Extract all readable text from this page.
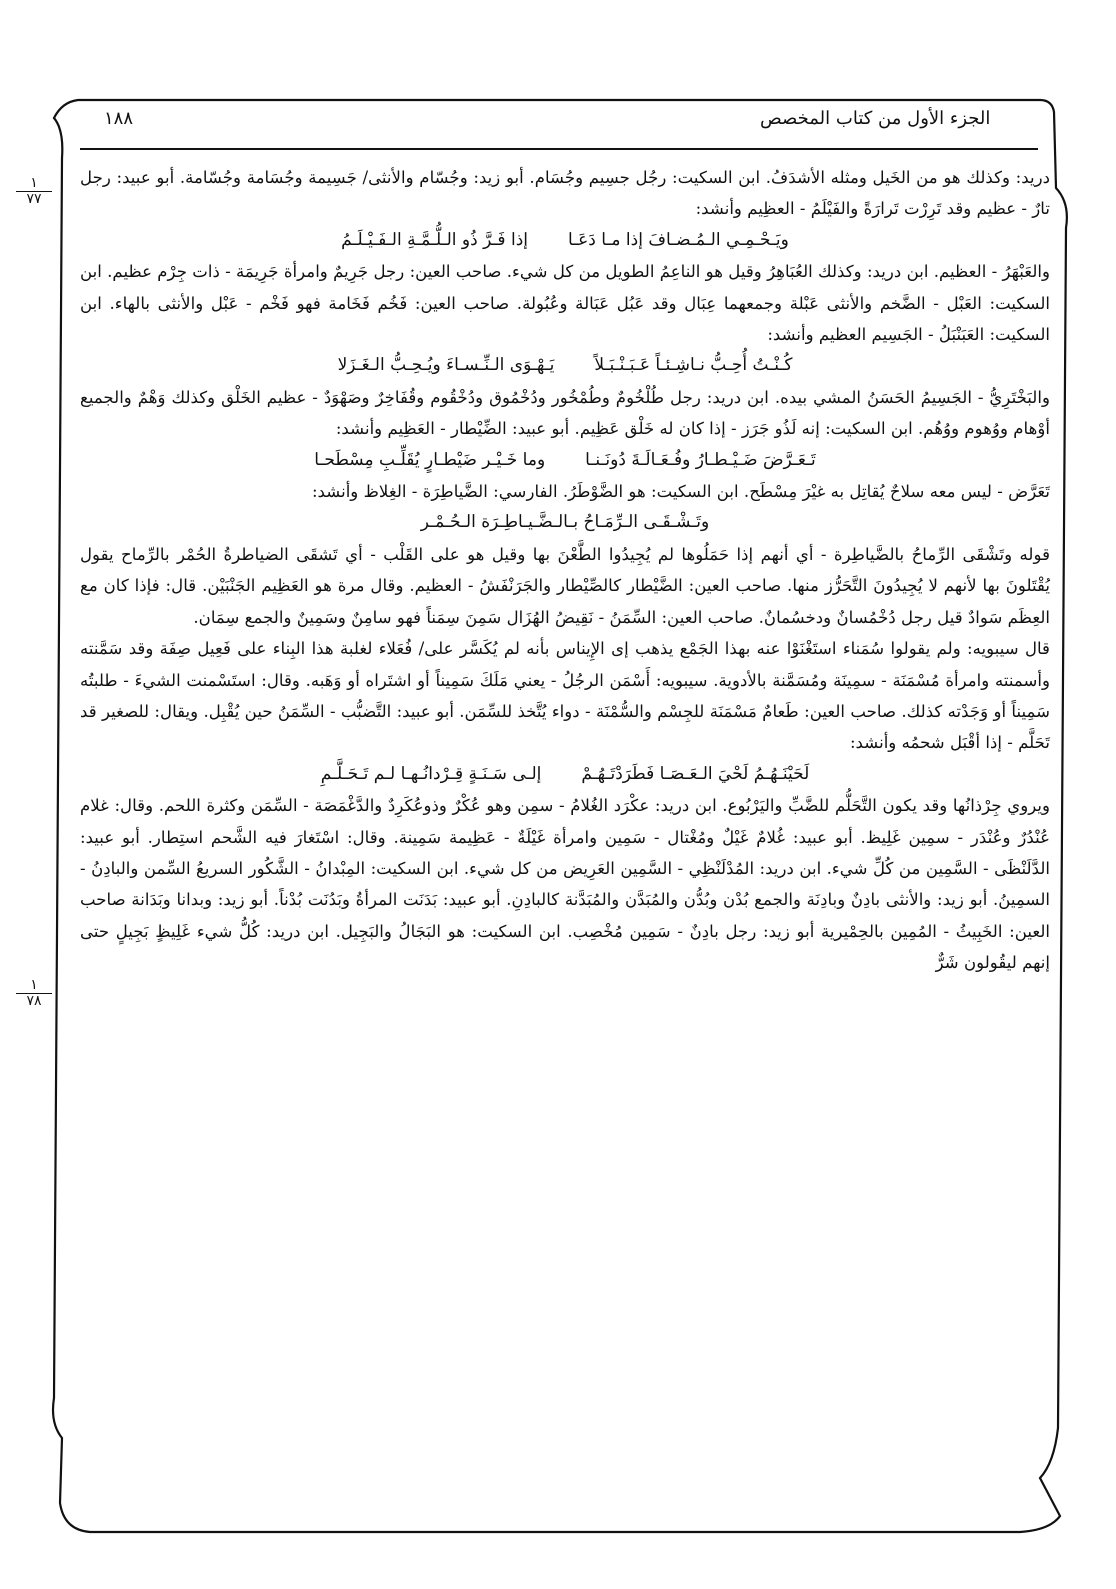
الجزء الأول من كتاب المخصص
١٨٨
١
٧٧
١
٧٨

دريد: وكذلك هو من الخَيل ومثله الأشدَفُ. ابن السكيت: رجُل جسِيم وجُسَام. أبو زيد: وجُسّام والأنثى/ جَسِيمة وجُسَامة وجُسّامة. أبو عبيد: رجل تارٌ - عظيم وقد تَرِرْت تَرارَةً والفَيْلَمُ - العظِيم وأنشد:

ويَـحْـمِـي الـمُـضـافَ إذا مـا دَعَـاإذا فَـرَّ ذُو الـلُّـمَّـةِ الـفَـيْـلَـمُ

والعَبْهَرُ - العظيم. ابن دريد: وكذلك العُبَاهِرُ وقيل هو الناعِمُ الطويل من كل شيء. صاحب العين: رجل جَرِيمٌ وامرأة جَرِيمَة - ذات جِرْم عظيم. ابن السكيت: العَبْل - الضَّخم والأنثى عَبْلة وجمعهما عِبَال وقد عَبُل عَبَالة وعُبُولة. صاحب العين: فَخُم فَخَامة فهو فَخْم - عَبْل والأنثى بالهاء. ابن السكيت: العَبَنْبَلُ - الجَسِيم العظيم وأنشد:

كُـنْـتُ أُحِـبُّ نـاشِـئـاً عَـبَـنْـبَـلاًيَـهْـوَى الـنِّـسـاءَ ويُـحِـبُّ الـغَـزَلا

والبَخْتَرِيُّ - الجَسِيمُ الحَسَنُ المشي بيده. ابن دريد: رجل طُلْخُومٌ وطُمْخُور ودُخْمُوق ودُخْقُوم وقُفَاخِرٌ وصَهْوَدٌ - عظيم الخَلْق وكذلك وَهْمٌ والجميع أوْهام ووُهوم ووُهُم. ابن السكيت: إنه لَذُو جَرَز - إذا كان له خَلْق عَظِيم. أبو عبيد: الضِّيْطار - العَظِيم وأنشد:

تَـعَـرَّضَ ضَـيْـطـارُ وفُـعَـالَـةَ دُونَـنـاوما خَـيْـر ضَيْطـارٍ يُقَلِّـبِ مِسْطَحـا

تَعَرَّض - ليس معه سلاحٌ يُقاتِل به غيْرَ مِسْطَح. ابن السكيت: هو الضَّوْطَرُ. الفارسي: الضَّياطِرَة - الغِلاظ وأنشد:

وتَـشْـقَـى الـرِّمَـاحُ بـالـضَّـيـاطِـرَة الـحُـمْـر

قوله وتَشْقَى الرِّماحُ بالضَّياطِرة - أي أنهم إذا حَمَلُوها لم يُجِيدُوا الطَّعْنَ بها وقيل هو على القَلْب - أي تَشقَى الضياطرةُ الحُمْر بالرِّماح يقول يُقْتَلونَ بها لأنهم لا يُجِيدُونَ التَّحَرُّز منها. صاحب العين: الضَّيْطار كالصِّيْطار والجَرَنْفَشُ - العظيم. وقال مرة هو العَظِيم الجَنْبَيْن. قال: فإذا كان مع العِظَم سَوادٌ قيل رجل دُخْمُسانٌ ودخسُمانٌ. صاحب العين: السِّمَنُ - نَقِيضُ الهُزَال سَمِنَ سِمَناً فهو سامِنٌ وسَمِينٌ والجمع سِمَان.

قال سيبويه: ولم يقولوا سُمَناء استَغْنَوْا عنه بهذا الجَمْع يذهب إى الإِيناس بأنه لم يُكَسَّر على/ فُعَلاء لغلبة هذا البِناء على فَعِيل صِفَة وقد سَمَّنته وأسمنته وامرأة مُسْمَنَة - سمِينَة ومُسَمَّنة بالأدوية. سيبويه: أَسْمَن الرجُلُ - يعني مَلَكَ سَمِيناً أو اشتَراه أو وَهَبه. وقال: استَسْمنت الشيءَ - طلبتُه سَمِيناً أو وَجَدْته كذلك. صاحب العين: طَعامٌ مَسْمَنَة للجِسْم والسُّمْنَة - دواء يُتَّخذ للسِّمَن. أبو عبيد: التَّضبُّب - السِّمَنُ حين يُقْبِل. ويقال: للصغير قد تَحَلَّم - إذا أقْبَل شحمُه وأنشد:

لَحَيْنَـهُـمُ لَحْيَ الـعَـصَـا فَطَرَدْتَـهُـمْإلـى سَـنَـةٍ قِـرْدانُـهـا لـم تَـحَـلَّـمِ

ويروي جِرْذانُها وقد يكون التَّحَلُّم للضَّبِّ واليَرْبُوع. ابن دريد: عكْرَد الغُلامُ - سمِن وهو عُكْرٌ وذوعُكَرِدٌ والدَّغْمَصَة - السِّمَن وكثرة اللحم. وقال: غلام عُنْدُرٌ وعُنْدَر - سمِين غَلِيظ. أبو عبيد: غُلامٌ غَيْلٌ ومُغْتال - سَمِين وامرأة غَيْلَةٌ - عَظِيمة سَمِينة. وقال: اسْتَغارَ فيه الشَّحم استِطار. أبو عبيد: الدَّلَنْظَى - السَّمِين من كُلِّ شيء. ابن دريد: المُدْلَنْظِي - السَّمِين العَرِيض من كل شيء. ابن السكيت: المِبْدانُ - الشَّكُور السريعُ السِّمن والبادِنُ - السمِينُ. أبو زيد: والأنثى بادِنٌ وبادِنَة والجمع بُدْن وبُدُّن والمُبَدَّن والمُبَدَّنة كالبادِنِ. أبو عبيد: بَدَنَت المرأةُ وبَدُنَت بُدْناً. أبو زيد: وبدانا وبَدَانة صاحب العين: الخَبِيثُ - المُمِين بالحِمْيرية أبو زيد: رجل بادِنٌ - سَمِين مُخْصِب. ابن السكيت: هو البَجَالُ والبَجِيل. ابن دريد: كُلُّ شيء غَلِيظٍ بَجِيلٍ حتى إنهم ليقُولون شَرٌّ
